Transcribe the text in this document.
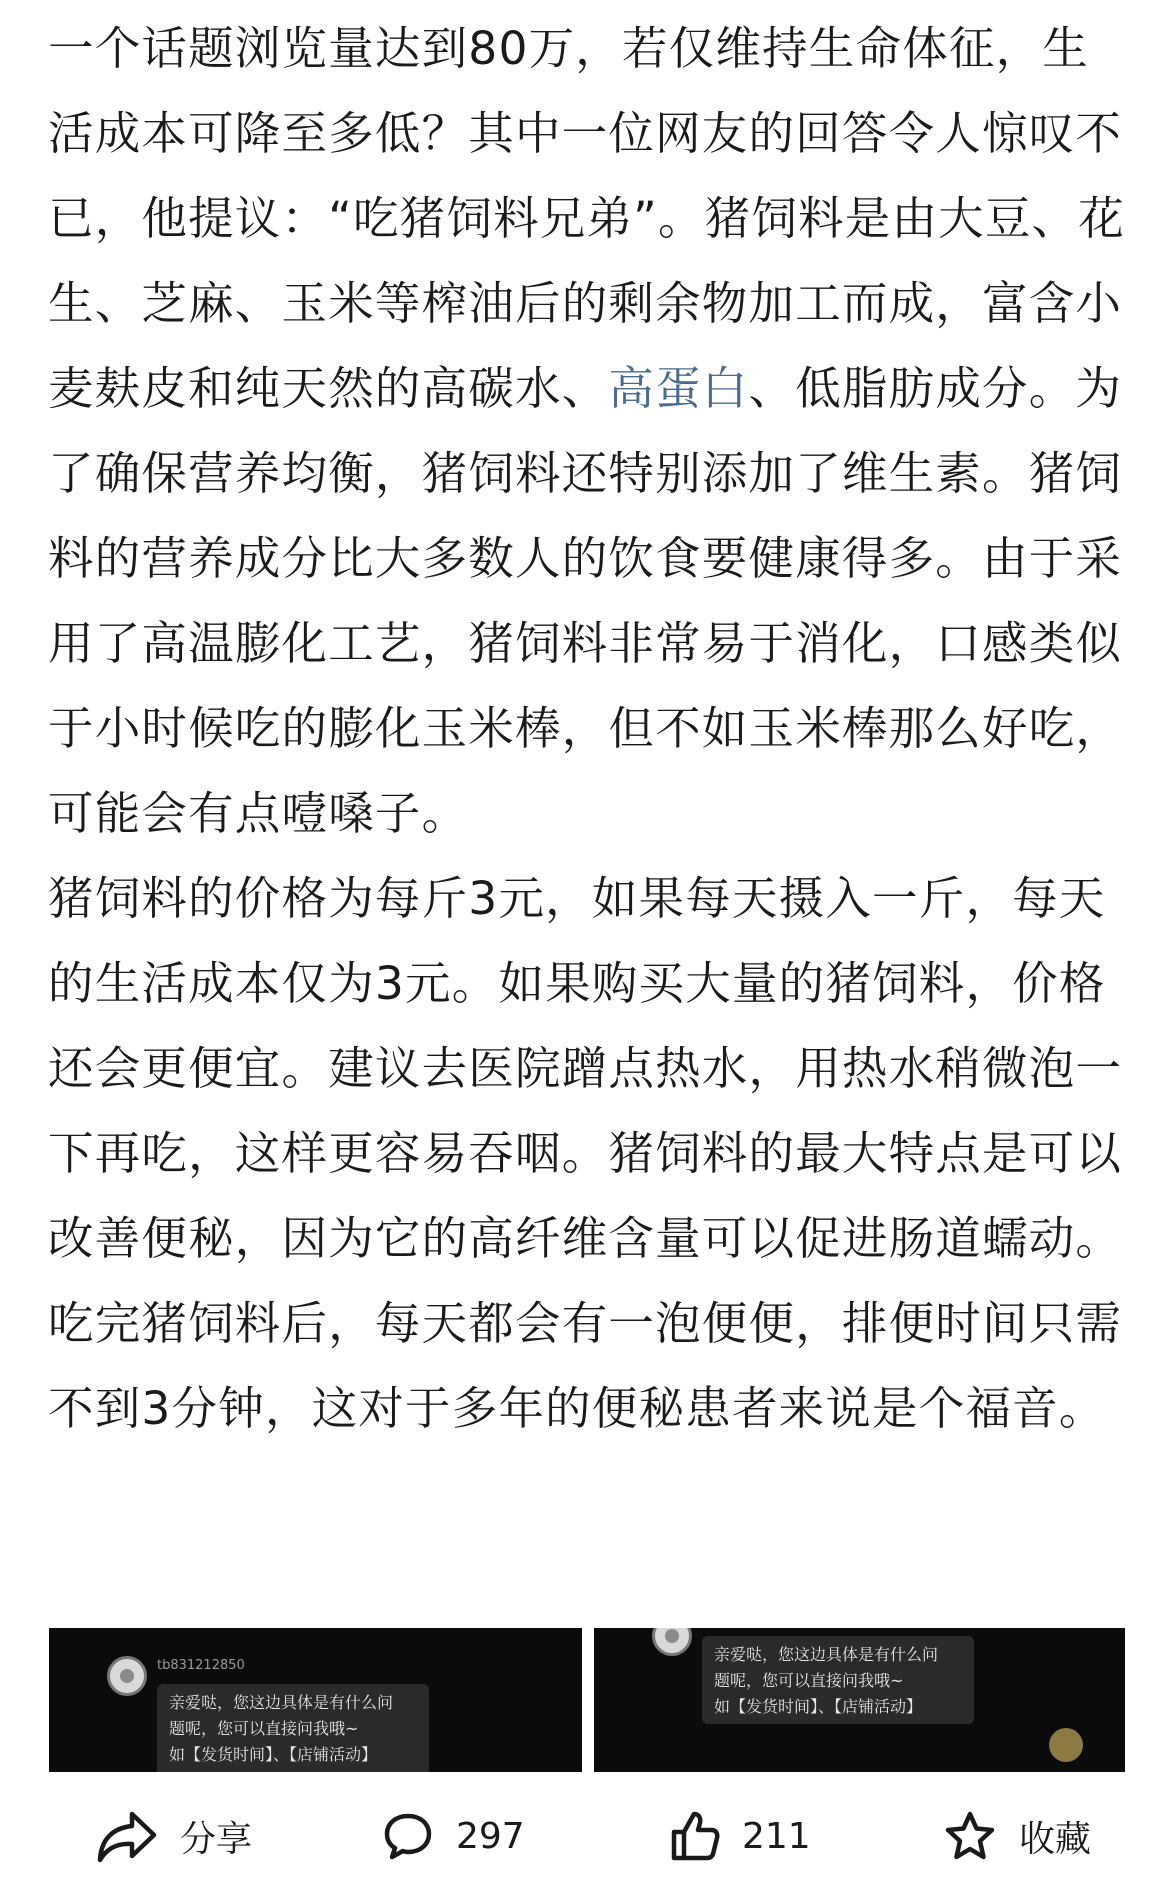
一个话题浏览量达到80万，若仅维持生命体征，生活成本可降至多低？其中一位网友的回答令人惊叹不已，他提议：“吃猪饲料兄弟”。猪饲料是由大豆、花生、芝麻、玉米等榨油后的剩余物加工而成，富含小麦麸皮和纯天然的高碳水、高蛋白、低脂肪成分。为了确保营养均衡，猪饲料还特别添加了维生素。猪饲料的营养成分比大多数人的饮食要健康得多。由于采用了高温膨化工艺，猪饲料非常易于消化，口感类似于小时候吃的膨化玉米棒，但不如玉米棒那么好吃，可能会有点噎嗓子。

猪饲料的价格为每斤3元，如果每天摄入一斤，每天的生活成本仅为3元。如果购买大量的猪饲料，价格还会更便宜。建议去医院蹭点热水，用热水稍微泡一下再吃，这样更容易吞咽。猪饲料的最大特点是可以改善便秘，因为它的高纤维含量可以促进肠道蠕动。吃完猪饲料后，每天都会有一泡便便，排便时间只需不到3分钟，这对于多年的便秘患者来说是个福音。

tb831212850
亲爱哒，您这边具体是有什么问
题呢，您可以直接问我哦~
如【发货时间】、【店铺活动】
亲爱哒，您这边具体是有什么问
题呢，您可以直接问我哦~
如【发货时间】、【店铺活动】
分享	297	211	收藏
